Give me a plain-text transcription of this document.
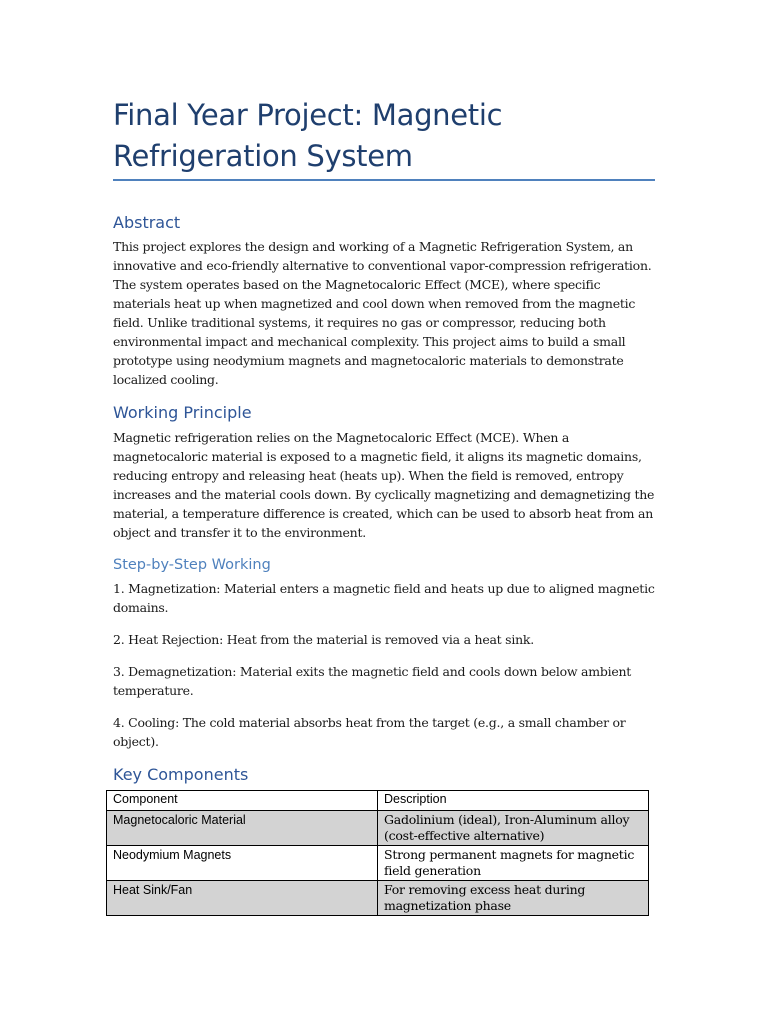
Final Year Project: Magnetic Refrigeration System
Abstract

This project explores the design and working of a Magnetic Refrigeration System, an innovative and eco-friendly alternative to conventional vapor-compression refrigeration. The system operates based on the Magnetocaloric Effect (MCE), where specific materials heat up when magnetized and cool down when removed from the magnetic field. Unlike traditional systems, it requires no gas or compressor, reducing both environmental impact and mechanical complexity. This project aims to build a small prototype using neodymium magnets and magnetocaloric materials to demonstrate localized cooling.

Working Principle

Magnetic refrigeration relies on the Magnetocaloric Effect (MCE). When a magnetocaloric material is exposed to a magnetic field, it aligns its magnetic domains, reducing entropy and releasing heat (heats up). When the field is removed, entropy increases and the material cools down. By cyclically magnetizing and demagnetizing the material, a temperature difference is created, which can be used to absorb heat from an object and transfer it to the environment.

Step-by-Step Working

1. Magnetization: Material enters a magnetic field and heats up due to aligned magnetic domains.

2. Heat Rejection: Heat from the material is removed via a heat sink.

3. Demagnetization: Material exits the magnetic field and cools down below ambient temperature.

4. Cooling: The cold material absorbs heat from the target (e.g., a small chamber or object).

Key Components
Component	Description
Magnetocaloric Material	Gadolinium (ideal), Iron-Aluminum alloy (cost-effective alternative)
Neodymium Magnets	Strong permanent magnets for magnetic field generation
Heat Sink/Fan	For removing excess heat during magnetization phase
